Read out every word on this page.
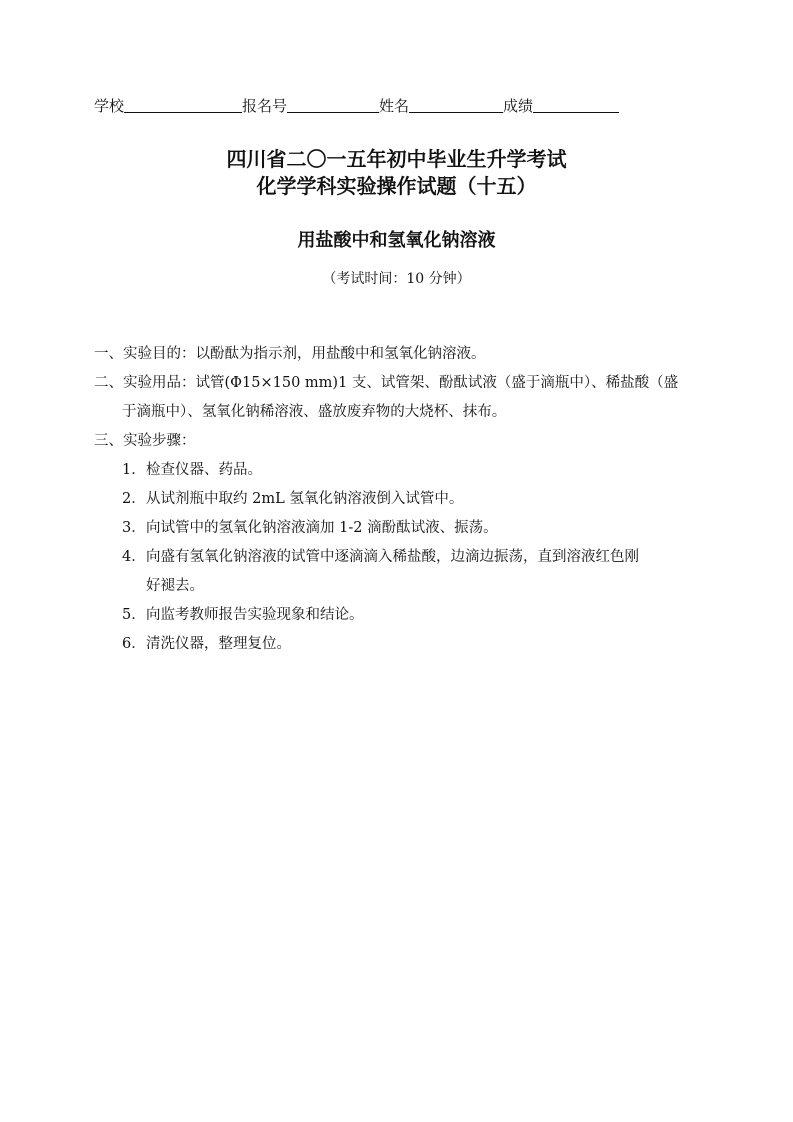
学校	报名号	姓名	成绩
四川省二〇一五年初中毕业生升学考试
化学学科实验操作试题（十五）
用盐酸中和氢氧化钠溶液
（考试时间：10 分钟）
一、实验目的：以酚酞为指示剂，用盐酸中和氢氧化钠溶液。
二、实验用品：试管(Φ15×150 mm)1 支、试管架、酚酞试液（盛于滴瓶中）、稀盐酸（盛
于滴瓶中）、氢氧化钠稀溶液、盛放废弃物的大烧杯、抹布。
三、实验步骤：
1．检查仪器、药品。
2．从试剂瓶中取约 2mL 氢氧化钠溶液倒入试管中。
3．向试管中的氢氧化钠溶液滴加 1-2 滴酚酞试液、振荡。
4．向盛有氢氧化钠溶液的试管中逐滴滴入稀盐酸，边滴边振荡，直到溶液红色刚
好褪去。
5．向监考教师报告实验现象和结论。
6．清洗仪器，整理复位。
